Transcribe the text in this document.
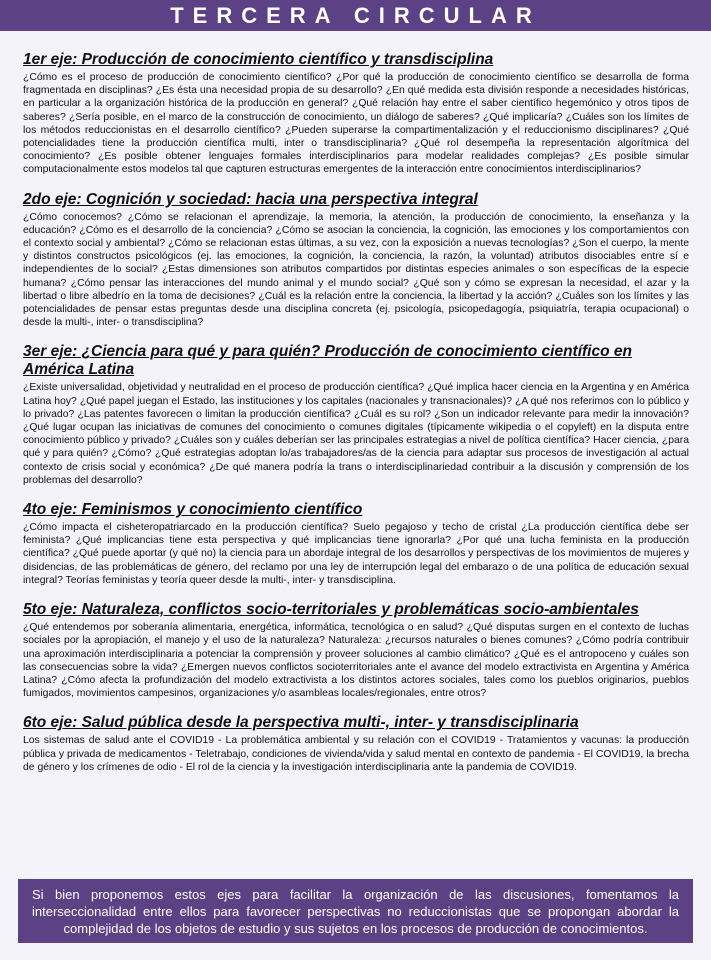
TERCERA CIRCULAR
1er eje: Producción de conocimiento científico y transdisciplina

¿Cómo es el proceso de producción de conocimiento científico? ¿Por qué la producción de conocimiento científico se desarrolla de forma fragmentada en disciplinas? ¿Es ésta una necesidad propia de su desarrollo? ¿En qué medida esta división responde a necesidades históricas, en particular a la organización histórica de la producción en general? ¿Qué relación hay entre el saber científico hegemónico y otros tipos de saberes? ¿Sería posible, en el marco de la construcción de conocimiento, un diálogo de saberes? ¿Qué implicaría? ¿Cuáles son los límites de los métodos reduccionistas en el desarrollo científico? ¿Pueden superarse la compartimentalización y el reduccionismo disciplinares? ¿Qué potencialidades tiene la producción científica multi, inter o transdisciplinaria? ¿Qué rol desempeña la representación algorítmica del conocimiento? ¿Es posible obtener lenguajes formales interdisciplinarios para modelar realidades complejas? ¿Es posible simular computacionalmente estos modelos tal que capturen estructuras emergentes de la interacción entre conocimientos interdisciplinarios?

2do eje: Cognición y sociedad: hacia una perspectiva integral

¿Cómo conocemos? ¿Cómo se relacionan el aprendizaje, la memoria, la atención, la producción de conocimiento, la enseñanza y la educación? ¿Cómo es el desarrollo de la conciencia? ¿Cómo se asocian la conciencia, la cognición, las emociones y los comportamientos con el contexto social y ambiental? ¿Cómo se relacionan estas últimas, a su vez, con la exposición a nuevas tecnologías? ¿Son el cuerpo, la mente y distintos constructos psicológicos (ej. las emociones, la cognición, la conciencia, la razón, la voluntad) atributos disociables entre sí e independientes de lo social? ¿Estas dimensiones son atributos compartidos por distintas especies animales o son específicas de la especie humana? ¿Cómo pensar las interacciones del mundo animal y el mundo social? ¿Qué son y cómo se expresan la necesidad, el azar y la libertad o libre albedrío en la toma de decisiones? ¿Cuál es la relación entre la conciencia, la libertad y la acción? ¿Cuáles son los límites y las potencialidades de pensar estas preguntas desde una disciplina concreta (ej. psicología, psicopedagogía, psiquiatría, terapia ocupacional) o desde la multi-, inter- o transdisciplina?

3er eje: ¿Ciencia para qué y para quién? Producción de conocimiento científico en América Latina

¿Existe universalidad, objetividad y neutralidad en el proceso de producción científica? ¿Qué implica hacer ciencia en la Argentina y en América Latina hoy? ¿Qué papel juegan el Estado, las instituciones y los capitales (nacionales y transnacionales)? ¿A qué nos referimos con lo público y lo privado? ¿Las patentes favorecen o limitan la producción científica? ¿Cuál es su rol? ¿Son un indicador relevante para medir la innovación? ¿Qué lugar ocupan las iniciativas de comunes del conocimiento o comunes digitales (típicamente wikipedia o el copyleft) en la disputa entre conocimiento público y privado? ¿Cuáles son y cuáles deberían ser las principales estrategias a nivel de política científica? Hacer ciencia, ¿para qué y para quién? ¿Cómo? ¿Qué estrategias adoptan lo/as trabajadores/as de la ciencia para adaptar sus procesos de investigación al actual contexto de crisis social y económica? ¿De qué manera podría la trans o interdisciplinariedad contribuir a la discusión y comprensión de los problemas del desarrollo?

4to eje: Feminismos y conocimiento científico

¿Cómo impacta el cisheteropatriarcado en la producción científica? Suelo pegajoso y techo de cristal ¿La producción científica debe ser feminista? ¿Qué implicancias tiene esta perspectiva y qué implicancias tiene ignorarla? ¿Por qué una lucha feminista en la producción científica? ¿Qué puede aportar (y qué no) la ciencia para un abordaje integral de los desarrollos y perspectivas de los movimientos de mujeres y disidencias, de las problemáticas de género, del reclamo por una ley de interrupción legal del embarazo o de una política de educación sexual integral? Teorías feministas y teoría queer desde la multi-, inter- y transdisciplina.

5to eje: Naturaleza, conflictos socio-territoriales y problemáticas socio-ambientales

¿Qué entendemos por soberanía alimentaria, energética, informática, tecnológica o en salud? ¿Qué disputas surgen en el contexto de luchas sociales por la apropiación, el manejo y el uso de la naturaleza? Naturaleza: ¿recursos naturales o bienes comunes? ¿Cómo podría contribuir una aproximación interdisciplinaria a potenciar la comprensión y proveer soluciones al cambio climático? ¿Qué es el antropoceno y cuáles son las consecuencias sobre la vida? ¿Emergen nuevos conflictos socioterritoriales ante el avance del modelo extractivista en Argentina y América Latina? ¿Cómo afecta la profundización del modelo extractivista a los distintos actores sociales, tales como los pueblos originarios, pueblos fumigados, movimientos campesinos, organizaciones y/o asambleas locales/regionales, entre otros?

6to eje: Salud pública desde la perspectiva multi-, inter- y transdisciplinaria

Los sistemas de salud ante el COVID19 - La problemática ambiental y su relación con el COVID19 - Tratamientos y vacunas: la producción pública y privada de medicamentos - Teletrabajo, condiciones de vivienda/vida y salud mental en contexto de pandemia - El COVID19, la brecha de género y los crímenes de odio - El rol de la ciencia y la investigación interdisciplinaria ante la pandemia de COVID19.

Si bien proponemos estos ejes para facilitar la organización de las discusiones, fomentamos la interseccionalidad entre ellos para favorecer perspectivas no reduccionistas que se propongan abordar la complejidad de los objetos de estudio y sus sujetos en los procesos de producción de conocimientos.
